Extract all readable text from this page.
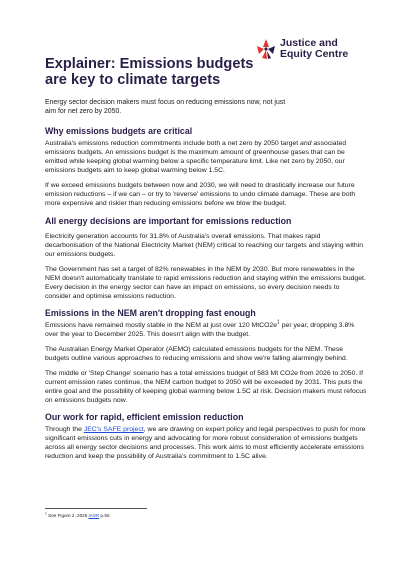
Justice and
Equity Centre
Explainer: Emissions budgets are key to climate targets

Energy sector decision makers must focus on reducing emissions now, not just aim for net zero by 2050.

Why emissions budgets are critical

Australia's emissions reduction commitments include both a net zero by 2050 target and associated emissions budgets. An emissions budget is the maximum amount of greenhouse gases that can be emitted while keeping global warming below a specific temperature limit. Like net zero by 2050, our emissions budgets aim to keep global warming below 1.5C.

If we exceed emissions budgets between now and 2030, we will need to drastically increase our future emission reductions – if we can – or try to 'reverse' emissions to undo climate damage. These are both more expensive and riskier than reducing emissions before we blow the budget.

All energy decisions are important for emissions reduction

Electricity generation accounts for 31.8% of Australia's overall emissions. That makes rapid decarbonisation of the National Electricity Market (NEM) critical to reaching our targets and staying within our emissions budgets.

The Government has set a target of 82% renewables in the NEM by 2030. But more renewables in the NEM doesn't automatically translate to rapid emissions reduction and staying within the emissions budget. Every decision in the energy sector can have an impact on emissions, so every decision needs to consider and optimise emissions reduction.

Emissions in the NEM aren't dropping fast enough

Emissions have remained mostly stable in the NEM at just over 120 $MtCO2e^1$ per year, dropping 3.8% over the year to December 2025. This doesn't align with the budget.

The Australian Energy Market Operator (AEMO) calculated emissions budgets for the NEM. These budgets outline various approaches to reducing emissions and show we're falling alarmingly behind.

The middle or 'Step Change' scenario has a total emissions budget of 583 Mt CO2e from 2026 to 2050. If current emission rates continue, the NEM carbon budget to 2050 will be exceeded by 2031. This puts the entire goal and the possibility of keeping global warming below 1.5C at risk. Decision makers must refocus on emissions budgets now.

Our work for rapid, efficient emission reduction

Through the JEC's SAFE project, we are drawing on expert policy and legal perspectives to push for more significant emissions cuts in energy and advocating for more robust consideration of emissions budgets across all energy sector decisions and processes. This work aims to most efficiently accelerate emissions reduction and keep the possibility of Australia's commitment to 1.5C alive.

$^1$ See Figure 2, 2025 IASR p.50.
